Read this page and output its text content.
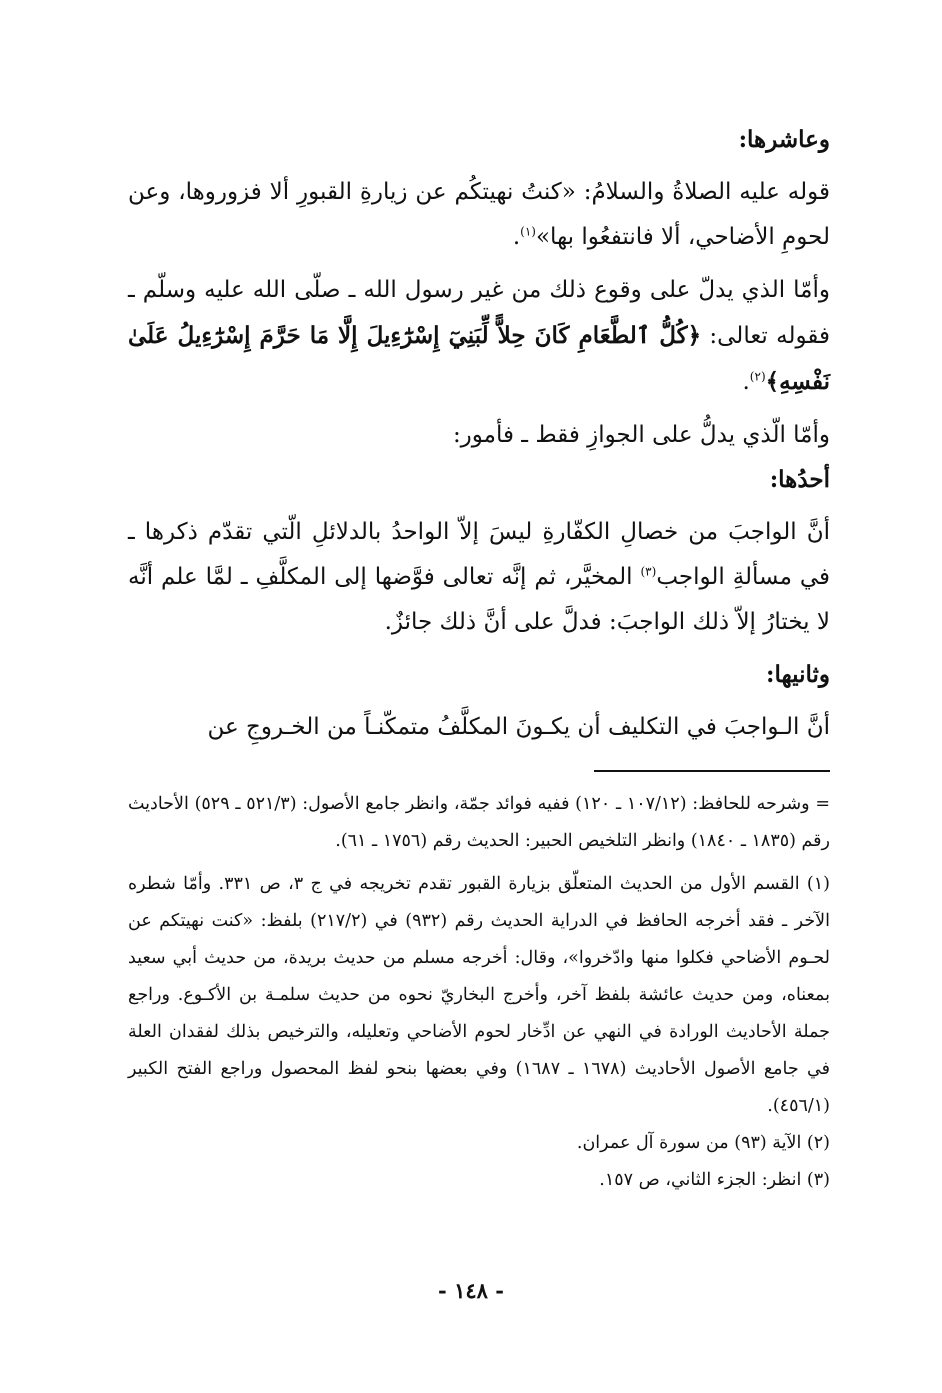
وعاشرها:

قوله عليه الصلاةُ والسلامُ: «كنتُ نهيتكُم عن زيارةِ القبورِ ألا فزوروها، وعن لحومِ الأضاحي، ألا فانتفعُوا بها»$^{(١)}$.

وأمّا الذي يدلّ على وقوع ذلك من غير رسول الله ـ صلّى الله عليه وسلّم ـ فقوله تعالى: ﴿كُلُّ ٱلطَّعَامِ كَانَ حِلاًّ لِّبَنِيٓ إِسْرَٰٓءِيلَ إِلَّا مَا حَرَّمَ إِسْرَٰٓءِيلُ عَلَىٰ نَفْسِهِ﴾$^{(٢)}$.

وأمّا الّذي يدلُّ على الجوازِ فقط ـ فأمور:

أحدُها:

أنَّ الواجبَ من خصالِ الكفّارةِ ليسَ إلاّ الواحدُ بالدلائلِ الّتي تقدّم ذكرها ـ في مسألةِ الواجب$^{(٣)}$ المخيَّر، ثم إنَّه تعالى فوَّضها إلى المكلَّفِ ـ لمَّا علم أنَّه لا يختارُ إلاّ ذلك الواجبَ: فدلَّ على أنَّ ذلك جائزٌ.

وثانيها:

أنَّ الـواجبَ في التكليف أن يكـونَ المكلَّفُ متمكّنـاً من الخـروجِ عن

= وشرحه للحافظ: (١٠٧/١٢ ـ ١٢٠) ففيه فوائد جمّة، وانظر جامع الأصول: (٥٢١/٣ ـ ٥٢٩) الأحاديث رقم (١٨٣٥ ـ ١٨٤٠) وانظر التلخيص الحبير: الحديث رقم (١٧٥٦ ـ ٦١).

(١) القسم الأول من الحديث المتعلّق بزيارة القبور تقدم تخريجه في ج ٣، ص ٣٣١. وأمّا شطره الآخر ـ فقد أخرجه الحافظ في الدراية الحديث رقم (٩٣٢) في (٢١٧/٢) بلفظ: «كنت نهيتكم عن لحـوم الأضاحي فكلوا منها وادّخروا»، وقال: أخرجه مسلم من حديث بريدة، من حديث أبي سعيد بمعناه، ومن حديث عائشة بلفظ آخر، وأخرج البخاريّ نحوه من حديث سلمـة بن الأكـوع. وراجع جملة الأحاديث الورادة في النهي عن ادِّخار لحوم الأضاحي وتعليله، والترخيص بذلك لفقدان العلة في جامع الأصول الأحاديث (١٦٧٨ ـ ١٦٨٧) وفي بعضها بنحو لفظ المحصول وراجع الفتح الكبير (٤٥٦/١).

(٢) الآية (٩٣) من سورة آل عمران.

(٣) انظر: الجزء الثاني، ص ١٥٧.

- ١٤٨ -
